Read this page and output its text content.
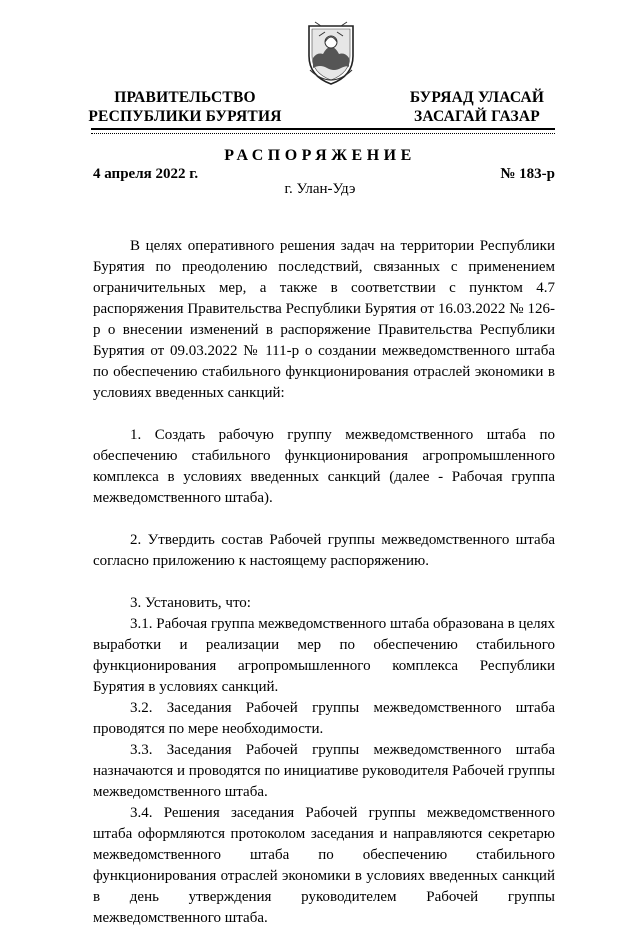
ПРАВИТЕЛЬСТВО
РЕСПУБЛИКИ БУРЯТИЯ
БУРЯАД УЛАСАЙ
ЗАСАГАЙ ГАЗАР
РАСПОРЯЖЕНИЕ
4 апреля 2022 г.	№ 183-р
г. Улан-Удэ

В целях оперативного решения задач на территории Республики Бурятия по преодолению последствий, связанных с применением ограничительных мер, а также в соответствии с пунктом 4.7 распоряжения Правительства Республики Бурятия от 16.03.2022 № 126-р о внесении изменений в распоряжение Правительства Республики Бурятия от 09.03.2022 № 111-р о создании межведомственного штаба по обеспечению стабильного функционирования отраслей экономики в условиях введенных санкций:

1. Создать рабочую группу межведомственного штаба по обеспечению стабильного функционирования агропромышленного комплекса в условиях введенных санкций (далее - Рабочая группа межведомственного штаба).

2. Утвердить состав Рабочей группы межведомственного штаба согласно приложению к настоящему распоряжению.

3. Установить, что:

3.1. Рабочая группа межведомственного штаба образована в целях выработки и реализации мер по обеспечению стабильного функционирования агропромышленного комплекса Республики Бурятия в условиях санкций.

3.2. Заседания Рабочей группы межведомственного штаба проводятся по мере необходимости.

3.3. Заседания Рабочей группы межведомственного штаба назначаются и проводятся по инициативе руководителя Рабочей группы межведомственного штаба.

3.4. Решения заседания Рабочей группы межведомственного штаба оформляются протоколом заседания и направляются секретарю межведомственного штаба по обеспечению стабильного функционирования отраслей экономики в условиях введенных санкций в день утверждения руководителем Рабочей группы межведомственного штаба.
